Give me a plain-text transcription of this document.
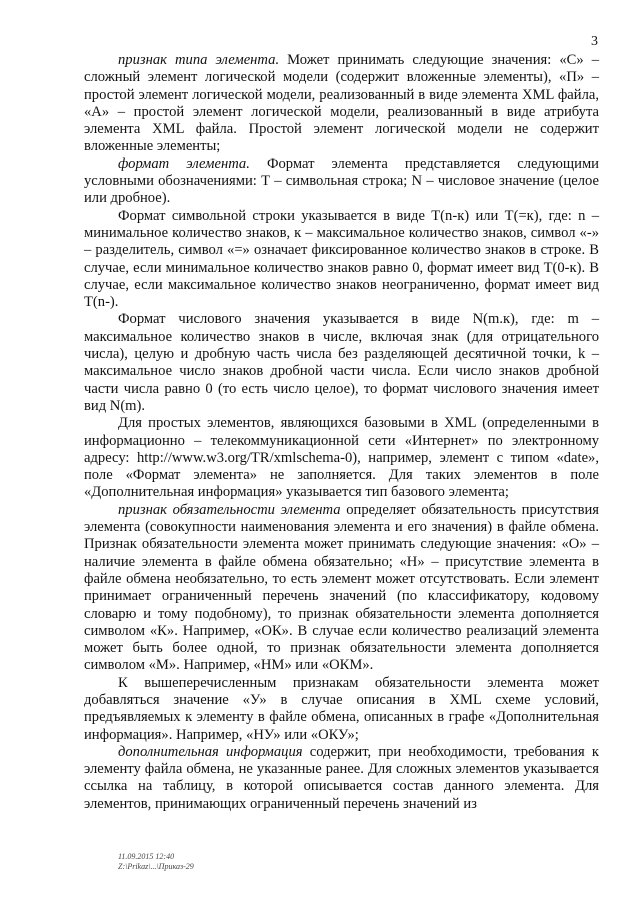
3

признак типа элемента. Может принимать следующие значения: «С» – сложный элемент логической модели (содержит вложенные элементы), «П» – простой элемент логической модели, реализованный в виде элемента XML файла, «А» – простой элемент логической модели, реализованный в виде атрибута элемента XML файла. Простой элемент логической модели не содержит вложенные элементы;

формат элемента. Формат элемента представляется следующими условными обозначениями: Т – символьная строка; N – числовое значение (целое или дробное).

Формат символьной строки указывается в виде Т(n-к) или Т(=к), где: n – минимальное количество знаков, к – максимальное количество знаков, символ «-» – разделитель, символ «=» означает фиксированное количество знаков в строке. В случае, если минимальное количество знаков равно 0, формат имеет вид Т(0-к). В случае, если максимальное количество знаков неограниченно, формат имеет вид Т(n-).

Формат числового значения указывается в виде N(m.к), где: m – максимальное количество знаков в числе, включая знак (для отрицательного числа), целую и дробную часть числа без разделяющей десятичной точки, k – максимальное число знаков дробной части числа. Если число знаков дробной части числа равно 0 (то есть число целое), то формат числового значения имеет вид N(m).

Для простых элементов, являющихся базовыми в XML (определенными в информационно – телекоммуникационной сети «Интернет» по электронному адресу: http://www.w3.org/TR/xmlschema-0), например, элемент с типом «date», поле «Формат элемента» не заполняется. Для таких элементов в поле «Дополнительная информация» указывается тип базового элемента;

признак обязательности элемента определяет обязательность присутствия элемента (совокупности наименования элемента и его значения) в файле обмена. Признак обязательности элемента может принимать следующие значения: «О» – наличие элемента в файле обмена обязательно; «Н» – присутствие элемента в файле обмена необязательно, то есть элемент может отсутствовать. Если элемент принимает ограниченный перечень значений (по классификатору, кодовому словарю и тому подобному), то признак обязательности элемента дополняется символом «К». Например, «ОК». В случае если количество реализаций элемента может быть более одной, то признак обязательности элемента дополняется символом «М». Например, «НМ» или «ОКМ».

К вышеперечисленным признакам обязательности элемента может добавляться значение «У» в случае описания в XML схеме условий, предъявляемых к элементу в файле обмена, описанных в графе «Дополнительная информация». Например, «НУ» или «ОКУ»;

дополнительная информация содержит, при необходимости, требования к элементу файла обмена, не указанные ранее. Для сложных элементов указывается ссылка на таблицу, в которой описывается состав данного элемента. Для элементов, принимающих ограниченный перечень значений из

11.09.2015 12:40
Z:\Prikaz\...\Приказ-29
